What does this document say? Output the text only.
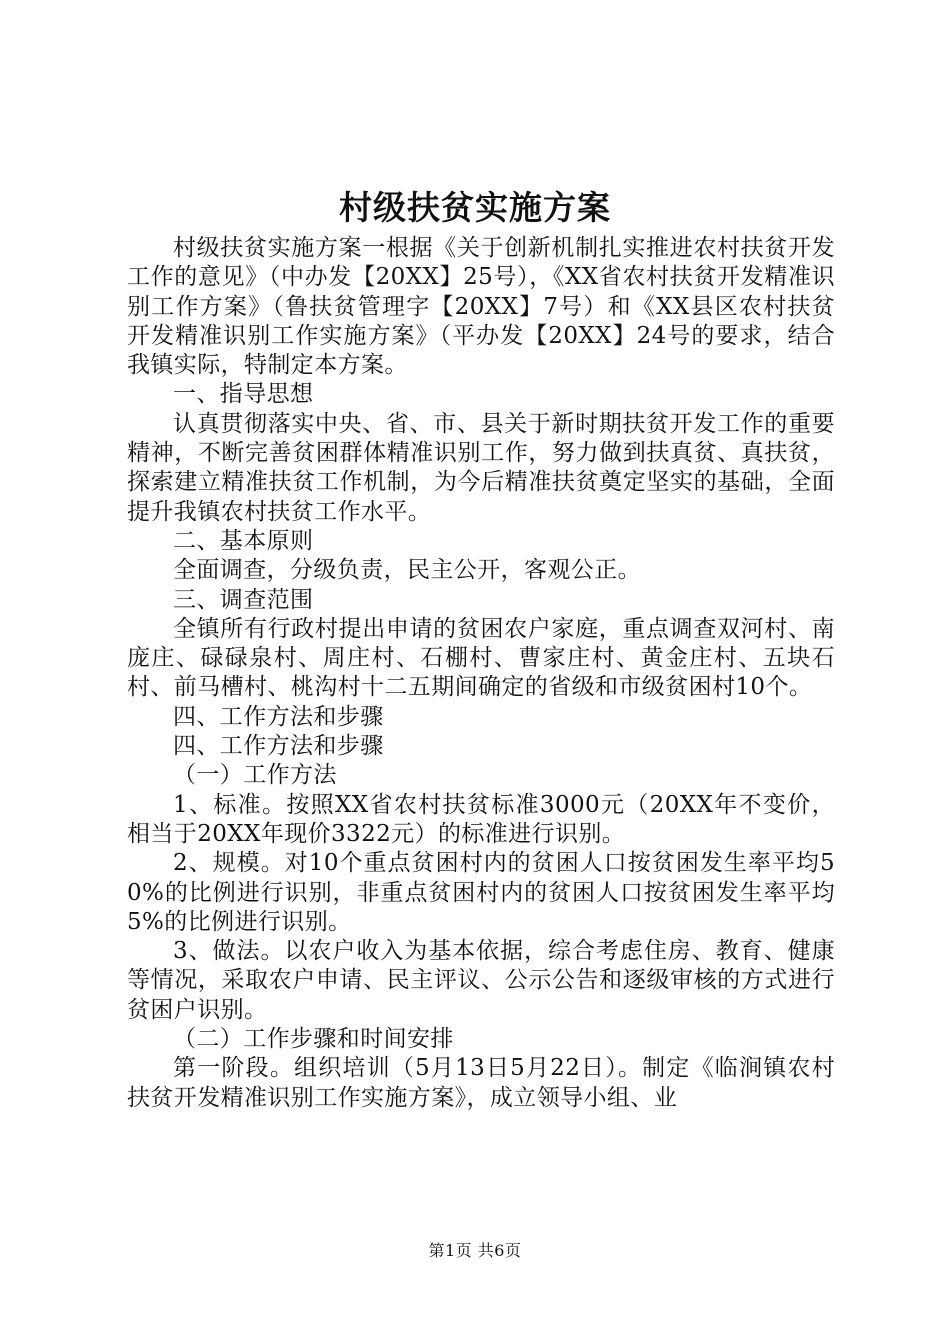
村级扶贫实施方案

村级扶贫实施方案一根据《关于创新机制扎实推进农村扶贫开发工作的意见》（中办发【20XX】25号），《XX省农村扶贫开发精准识别工作方案》（鲁扶贫管理字【20XX】7号）和《XX县区农村扶贫开发精准识别工作实施方案》（平办发【20XX】24号的要求，结合我镇实际，特制定本方案。

一、指导思想

认真贯彻落实中央、省、市、县关于新时期扶贫开发工作的重要精神，不断完善贫困群体精准识别工作，努力做到扶真贫、真扶贫，探索建立精准扶贫工作机制，为今后精准扶贫奠定坚实的基础，全面提升我镇农村扶贫工作水平。

二、基本原则

全面调查，分级负责，民主公开，客观公正。

三、调查范围

全镇所有行政村提出申请的贫困农户家庭，重点调查双河村、南庞庄、碌碌泉村、周庄村、石棚村、曹家庄村、黄金庄村、五块石村、前马槽村、桃沟村十二五期间确定的省级和市级贫困村10个。

四、工作方法和步骤

四、工作方法和步骤

（一）工作方法

1、标准。按照XX省农村扶贫标准3000元（20XX年不变价，相当于20XX年现价3322元）的标准进行识别。

2、规模。对10个重点贫困村内的贫困人口按贫困发生率平均50%的比例进行识别，非重点贫困村内的贫困人口按贫困发生率平均5%的比例进行识别。

3、做法。以农户收入为基本依据，综合考虑住房、教育、健康等情况，采取农户申请、民主评议、公示公告和逐级审核的方式进行贫困户识别。

（二）工作步骤和时间安排

第一阶段。组织培训（5月13日5月22日）。制定《临涧镇农村扶贫开发精准识别工作实施方案》，成立领导小组、业

第1页 共6页
